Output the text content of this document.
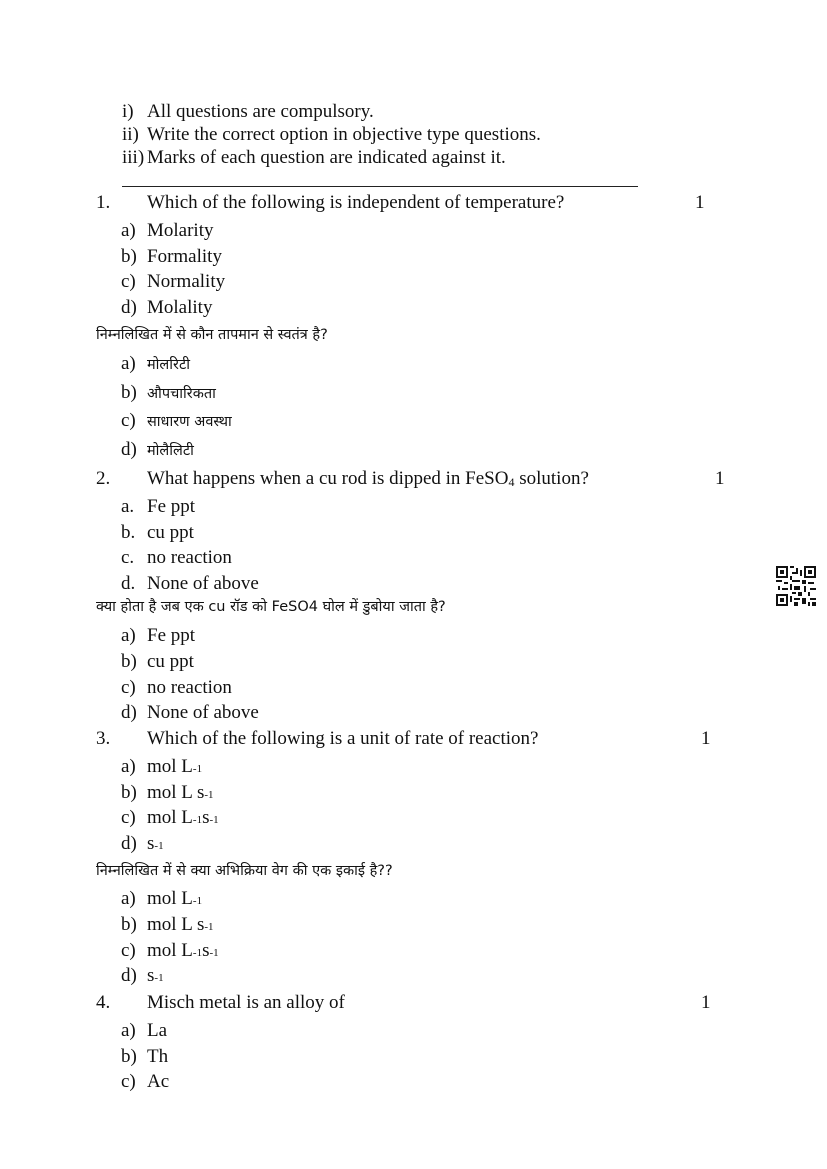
i) All questions are compulsory.
ii) Write the correct option in objective type questions.
iii) Marks of each question are indicated against it.
1.	Which of the following is independent of temperature?	1
a) Molarity
b) Formality
c) Normality
d) Molality
निम्नलिखित में से कौन तापमान से स्वतंत्र है?
a) मोलरिटी
b) औपचारिकता
c) साधारण अवस्था
d) मोलैलिटी
2.	What happens when a cu rod is dipped in FeSO$_4$ solution?	1
a. Fe ppt
b. cu ppt
c. no reaction
d. None of above
क्या होता है जब एक cu रॉड को FeSO4 घोल में डुबोया जाता है?
a) Fe ppt
b) cu ppt
c) no reaction
d) None of above
3.	Which of the following is a unit of rate of reaction?	1
a) mol L -1
b) mol L s -1
c) mol L -1 s -1
d) s -1
निम्नलिखित में से क्या अभिक्रिया वेग की एक इकाई है??
a) mol L -1
b) mol L s -1
c) mol L -1 s -1
d) s -1
4.	Misch metal is an alloy of	1
a) La
b) Th
c) Ac
